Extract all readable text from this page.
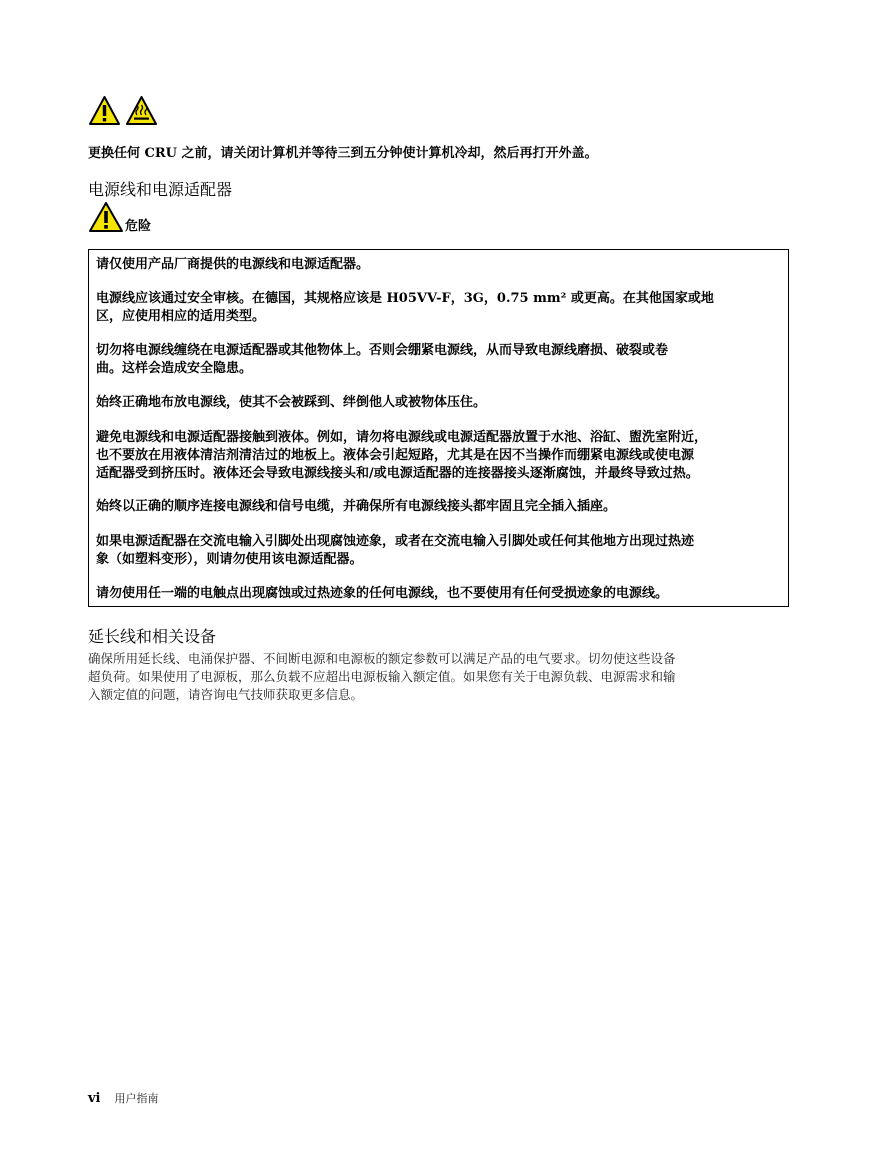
更换任何 CRU 之前，请关闭计算机并等待三到五分钟使计算机冷却，然后再打开外盖。
电源线和电源适配器
危险
请仅使用产品厂商提供的电源线和电源适配器。
电源线应该通过安全审核。在德国，其规格应该是 H05VV-F，3G，0.75 mm² 或更高。在其他国家或地
区，应使用相应的适用类型。
切勿将电源线缠绕在电源适配器或其他物体上。否则会绷紧电源线，从而导致电源线磨损、破裂或卷
曲。这样会造成安全隐患。
始终正确地布放电源线，使其不会被踩到、绊倒他人或被物体压住。
避免电源线和电源适配器接触到液体。例如，请勿将电源线或电源适配器放置于水池、浴缸、盥洗室附近，
也不要放在用液体清洁剂清洁过的地板上。液体会引起短路，尤其是在因不当操作而绷紧电源线或使电源
适配器受到挤压时。液体还会导致电源线接头和/或电源适配器的连接器接头逐渐腐蚀，并最终导致过热。
始终以正确的顺序连接电源线和信号电缆，并确保所有电源线接头都牢固且完全插入插座。
如果电源适配器在交流电输入引脚处出现腐蚀迹象，或者在交流电输入引脚处或任何其他地方出现过热迹
象（如塑料变形），则请勿使用该电源适配器。
请勿使用任一端的电触点出现腐蚀或过热迹象的任何电源线，也不要使用有任何受损迹象的电源线。
延长线和相关设备
确保所用延长线、电涌保护器、不间断电源和电源板的额定参数可以满足产品的电气要求。切勿使这些设备
超负荷。如果使用了电源板，那么负载不应超出电源板输入额定值。如果您有关于电源负载、电源需求和输
入额定值的问题，请咨询电气技师获取更多信息。
vi 用户指南
